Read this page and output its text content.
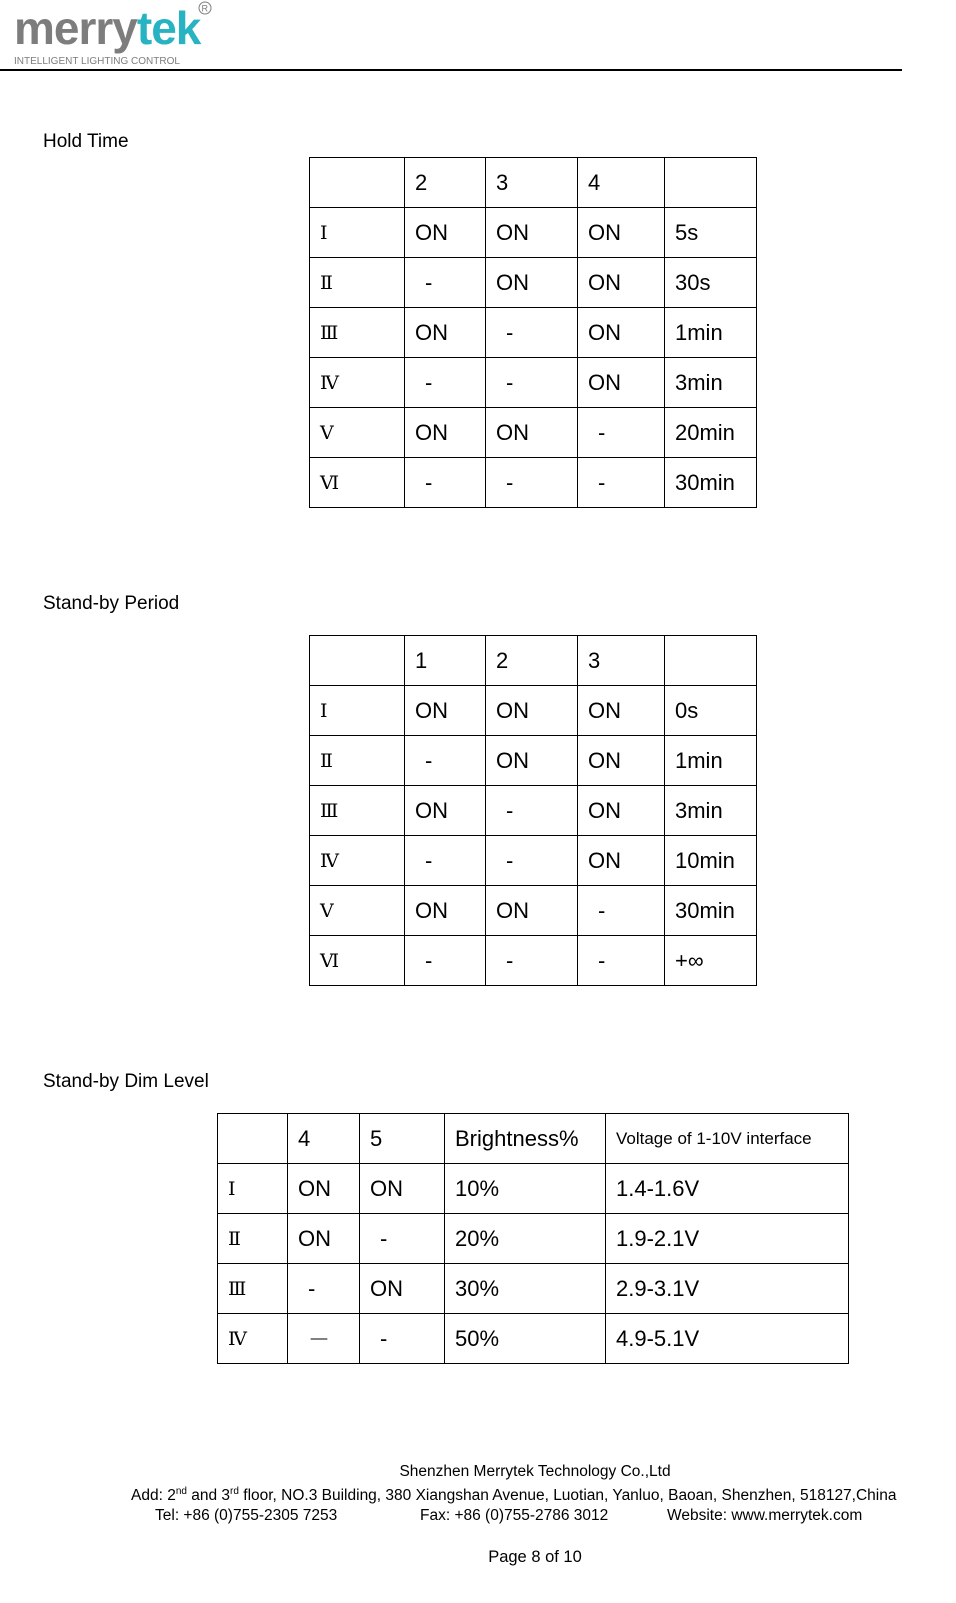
merrytek
INTELLIGENT LIGHTING CONTROL
R
Hold Time
	2	3	4	
Ⅰ	ON	ON	ON	5s
Ⅱ	-	ON	ON	30s
Ⅲ	ON	-	ON	1min
Ⅳ	-	-	ON	3min
Ⅴ	ON	ON	-	20min
Ⅵ	-	-	-	30min
Stand-by Period
	1	2	3	
Ⅰ	ON	ON	ON	0s
Ⅱ	-	ON	ON	1min
Ⅲ	ON	-	ON	3min
Ⅳ	-	-	ON	10min
Ⅴ	ON	ON	-	30min
Ⅵ	-	-	-	+∞
Stand-by Dim Level
	4	5	Brightness%	Voltage of 1-10V interface
Ⅰ	ON	ON	10%	1.4-1.6V
Ⅱ	ON	-	20%	1.9-2.1V
Ⅲ	-	ON	30%	2.9-3.1V
Ⅳ	－	-	50%	4.9-5.1V
Shenzhen Merrytek Technology Co.,Ltd
Add: 2nd and 3rd floor, NO.3 Building, 380 Xiangshan Avenue, Luotian, Yanluo, Baoan, Shenzhen, 518127,China
Tel: +86 (0)755-2305 7253	Fax: +86 (0)755-2786 3012	Website: www.merrytek.com
Page 8 of 10
